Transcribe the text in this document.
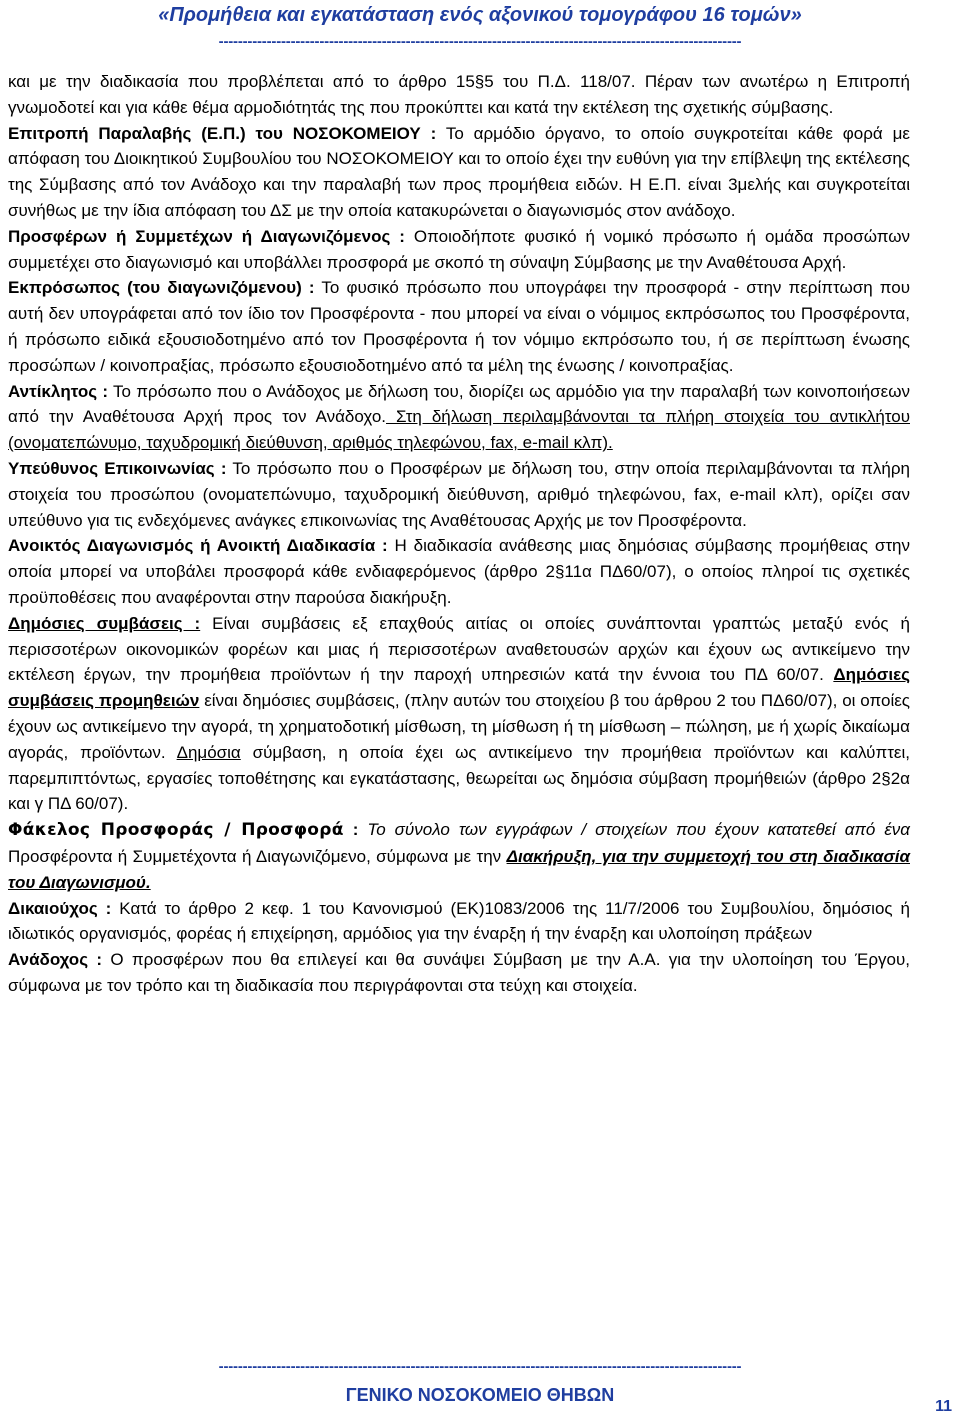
«Προμήθεια και εγκατάσταση ενός αξονικού τομογράφου 16 τομών»
-------------------------------------------------------------------------------------------------------------

και με την διαδικασία που προβλέπεται από το άρθρο 15§5 του Π.Δ. 118/07. Πέραν των ανωτέρω η Επιτροπή γνωμοδοτεί και για κάθε θέμα αρμοδιότητάς της που προκύπτει και κατά την εκτέλεση της σχετικής σύμβασης.

Επιτροπή Παραλαβής (Ε.Π.) του ΝΟΣΟΚΟΜΕΙΟΥ : Το αρμόδιο όργανο, το οποίο συγκροτείται κάθε φορά με απόφαση του Διοικητικού Συμβουλίου του ΝΟΣΟΚΟΜΕΙΟΥ και το οποίο έχει την ευθύνη για την επίβλεψη της εκτέλεσης της Σύμβασης από τον Ανάδοχο και την παραλαβή των προς προμήθεια ειδών. Η Ε.Π. είναι 3μελής και συγκροτείται συνήθως με την ίδια απόφαση του ΔΣ με την οποία κατακυρώνεται ο διαγωνισμός στον ανάδοχο.

Προσφέρων ή Συμμετέχων ή Διαγωνιζόμενος : Οποιοδήποτε φυσικό ή νομικό πρόσωπο ή ομάδα προσώπων συμμετέχει στο διαγωνισμό και υποβάλλει προσφορά με σκοπό τη σύναψη Σύμβασης με την Αναθέτουσα Αρχή.

Εκπρόσωπος (του διαγωνιζόμενου) : Το φυσικό πρόσωπο που υπογράφει την προσφορά - στην περίπτωση που αυτή δεν υπογράφεται από τον ίδιο τον Προσφέροντα - που μπορεί να είναι ο νόμιμος εκπρόσωπος του Προσφέροντα, ή πρόσωπο ειδικά εξουσιοδοτημένο από τον Προσφέροντα ή τον νόμιμο εκπρόσωπο του, ή σε περίπτωση ένωσης προσώπων / κοινοπραξίας, πρόσωπο εξουσιοδοτημένο από τα μέλη της ένωσης / κοινοπραξίας.

Αντίκλητος : Το πρόσωπο που ο Ανάδοχος με δήλωση του, διορίζει ως αρμόδιο για την παραλαβή των κοινοποιήσεων από την Αναθέτουσα Αρχή προς τον Ανάδοχο. Στη δήλωση περιλαμβάνονται τα πλήρη στοιχεία του αντικλήτου (ονοματεπώνυμο, ταχυδρομική διεύθυνση, αριθμός τηλεφώνου, fax, e-mail κλπ).

Υπεύθυνος Επικοινωνίας : Το πρόσωπο που ο Προσφέρων με δήλωση του, στην οποία περιλαμβάνονται τα πλήρη στοιχεία του προσώπου (ονοματεπώνυμο, ταχυδρομική διεύθυνση, αριθμό τηλεφώνου, fax, e-mail κλπ), ορίζει σαν υπεύθυνο για τις ενδεχόμενες ανάγκες επικοινωνίας της Αναθέτουσας Αρχής με τον Προσφέροντα.

Ανοικτός Διαγωνισμός ή Ανοικτή Διαδικασία : Η διαδικασία ανάθεσης μιας δημόσιας σύμβασης προμήθειας στην οποία μπορεί να υποβάλει προσφορά κάθε ενδιαφερόμενος (άρθρο 2§11α ΠΔ60/07), ο οποίος πληροί τις σχετικές προϋποθέσεις που αναφέρονται στην παρούσα διακήρυξη.

Δημόσιες συμβάσεις : Είναι συμβάσεις εξ επαχθούς αιτίας οι οποίες συνάπτονται γραπτώς μεταξύ ενός ή περισσοτέρων οικονομικών φορέων και μιας ή περισσοτέρων αναθετουσών αρχών και έχουν ως αντικείμενο την εκτέλεση έργων, την προμήθεια προϊόντων ή την παροχή υπηρεσιών κατά την έννοια του ΠΔ 60/07. Δημόσιες συμβάσεις προμηθειών είναι δημόσιες συμβάσεις, (πλην αυτών του στοιχείου β του άρθρου 2 του ΠΔ60/07), οι οποίες έχουν ως αντικείμενο την αγορά, τη χρηματοδοτική μίσθωση, τη μίσθωση ή τη μίσθωση – πώληση, με ή χωρίς δικαίωμα αγοράς, προϊόντων. Δημόσια σύμβαση, η οποία έχει ως αντικείμενο την προμήθεια προϊόντων και καλύπτει, παρεμπιπτόντως, εργασίες τοποθέτησης και εγκατάστασης, θεωρείται ως δημόσια σύμβαση προμήθειών (άρθρο 2§2α και γ ΠΔ 60/07).

Φάκελος Προσφοράς / Προσφορά : Το σύνολο των εγγράφων / στοιχείων που έχουν κατατεθεί από ένα Προσφέροντα ή Συμμετέχοντα ή Διαγωνιζόμενο, σύμφωνα με την Διακήρυξη, για την συμμετοχή του στη διαδικασία του Διαγωνισμού.

Δικαιούχος : Κατά το άρθρο 2 κεφ. 1 του Κανονισμού (ΕΚ)1083/2006 της 11/7/2006 του Συμβουλίου, δημόσιος ή ιδιωτικός οργανισμός, φορέας ή επιχείρηση, αρμόδιος για την έναρξη ή την έναρξη και υλοποίηση πράξεων

Ανάδοχος : Ο προσφέρων που θα επιλεγεί και θα συνάψει Σύμβαση με την Α.Α. για την υλοποίηση του Έργου, σύμφωνα με τον τρόπο και τη διαδικασία που περιγράφονται στα τεύχη και στοιχεία.

-------------------------------------------------------------------------------------------------------------
ΓΕΝΙΚΟ ΝΟΣΟΚΟΜΕΙΟ ΘΗΒΩΝ
11
